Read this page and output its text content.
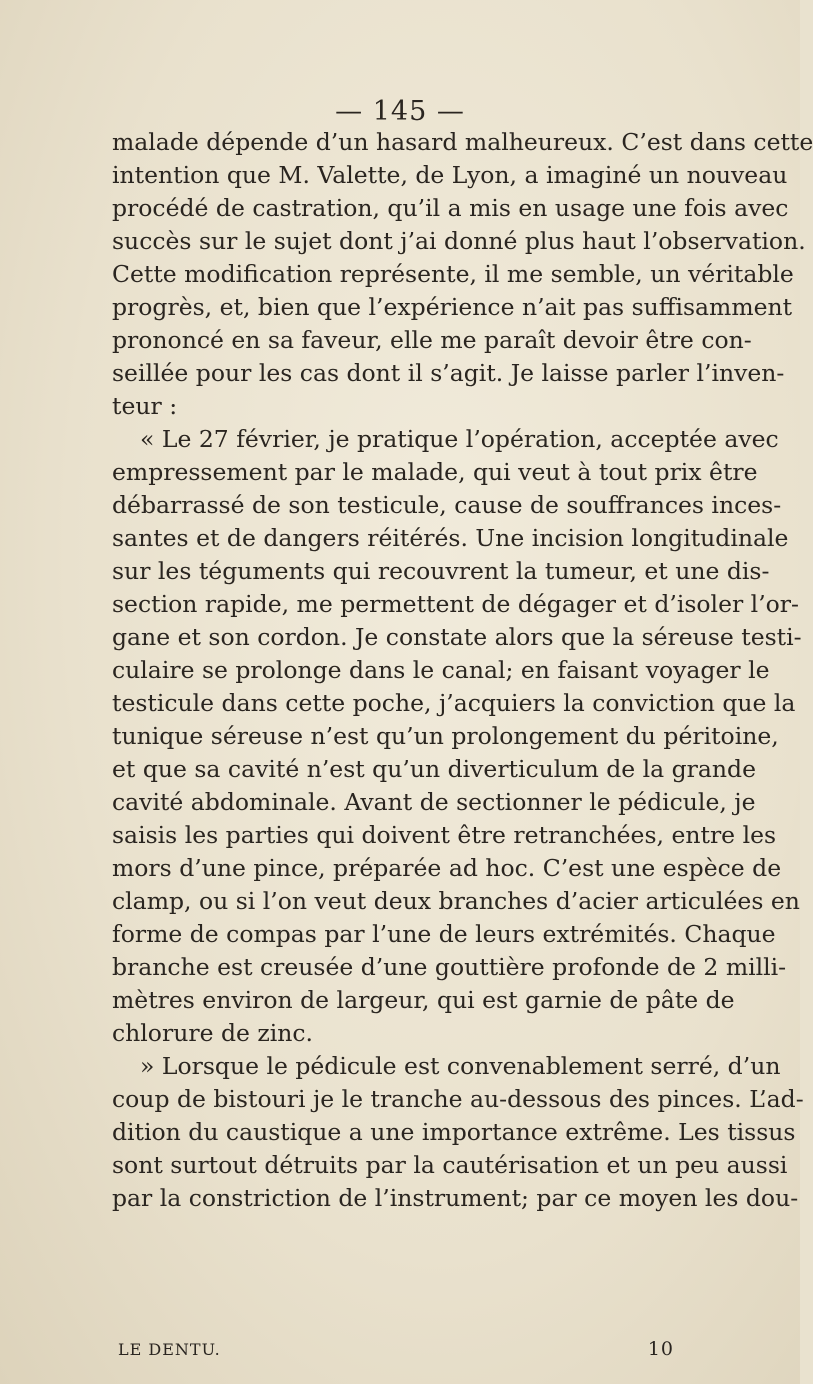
— 145 —
malade dépende d’un hasard malheureux. C’est dans cette
intention que M. Valette, de Lyon, a imaginé un nouveau
procédé de castration, qu’il a mis en usage une fois avec
succès sur le sujet dont j’ai donné plus haut l’observation.
Cette modification représente, il me semble, un véritable
progrès, et, bien que l’expérience n’ait pas suffisamment
prononcé en sa faveur, elle me paraît devoir être con-
seillée pour les cas dont il s’agit. Je laisse parler l’inven-
teur :
« Le 27 février, je pratique l’opération, acceptée avec
empressement par le malade, qui veut à tout prix être
débarrassé de son testicule, cause de souffrances inces-
santes et de dangers réitérés. Une incision longitudinale
sur les téguments qui recouvrent la tumeur, et une dis-
section rapide, me permettent de dégager et d’isoler l’or-
gane et son cordon. Je constate alors que la séreuse testi-
culaire se prolonge dans le canal; en faisant voyager le
testicule dans cette poche, j’acquiers la conviction que la
tunique séreuse n’est qu’un prolongement du péritoine,
et que sa cavité n’est qu’un diverticulum de la grande
cavité abdominale. Avant de sectionner le pédicule, je
saisis les parties qui doivent être retranchées, entre les
mors d’une pince, préparée ad hoc. C’est une espèce de
clamp, ou si l’on veut deux branches d’acier articulées en
forme de compas par l’une de leurs extrémités. Chaque
branche est creusée d’une gouttière profonde de 2 milli-
mètres environ de largeur, qui est garnie de pâte de
chlorure de zinc.
» Lorsque le pédicule est convenablement serré, d’un
coup de bistouri je le tranche au-dessous des pinces. L’ad-
dition du caustique a une importance extrême. Les tissus
sont surtout détruits par la cautérisation et un peu aussi
par la constriction de l’instrument; par ce moyen les dou-
LE DENTU.	10
